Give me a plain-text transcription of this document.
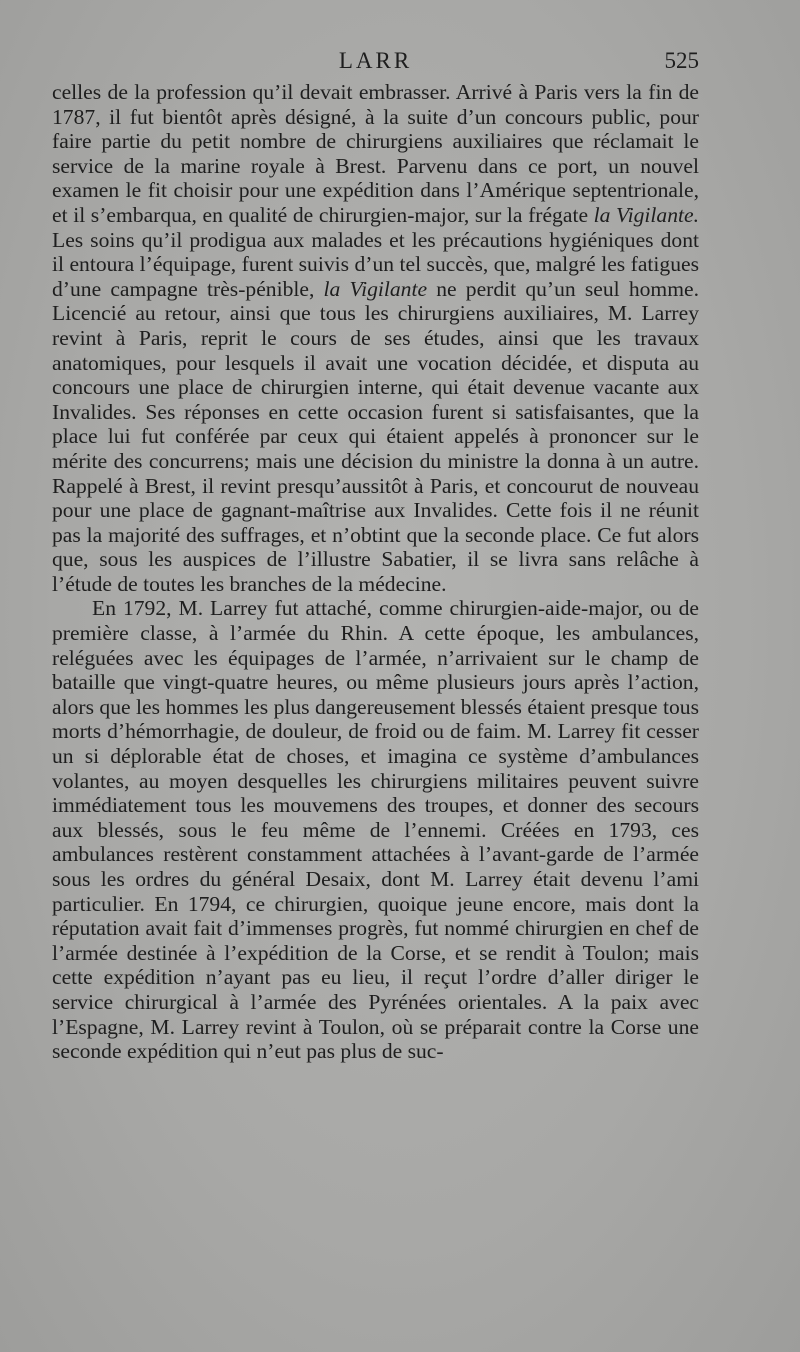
LARR	525

celles de la profession qu’il devait embrasser. Arrivé à Paris vers la fin de 1787, il fut bientôt après désigné, à la suite d’un concours public, pour faire partie du petit nombre de chirurgiens auxiliaires que réclamait le service de la marine royale à Brest. Parvenu dans ce port, un nouvel examen le fit choisir pour une expédition dans l’Amérique septentrionale, et il s’embarqua, en qualité de chirurgien-major, sur la frégate la Vigilante. Les soins qu’il prodigua aux malades et les précautions hygiéniques dont il entoura l’équipage, furent suivis d’un tel succès, que, malgré les fatigues d’une campagne très-pénible, la Vigilante ne perdit qu’un seul homme. Licencié au retour, ainsi que tous les chirurgiens auxiliaires, M. Larrey revint à Paris, reprit le cours de ses études, ainsi que les travaux anatomiques, pour lesquels il avait une vocation décidée, et disputa au concours une place de chirurgien interne, qui était devenue vacante aux Invalides. Ses réponses en cette occasion furent si satisfaisantes, que la place lui fut conférée par ceux qui étaient appelés à prononcer sur le mérite des concurrens; mais une décision du ministre la donna à un autre. Rappelé à Brest, il revint presqu’aussitôt à Paris, et concourut de nouveau pour une place de gagnant-maîtrise aux Invalides. Cette fois il ne réunit pas la majorité des suffrages, et n’obtint que la seconde place. Ce fut alors que, sous les auspices de l’illustre Sabatier, il se livra sans relâche à l’étude de toutes les branches de la médecine.

En 1792, M. Larrey fut attaché, comme chirurgien-aide-major, ou de première classe, à l’armée du Rhin. A cette époque, les ambulances, reléguées avec les équipages de l’armée, n’arrivaient sur le champ de bataille que vingt-quatre heures, ou même plusieurs jours après l’action, alors que les hommes les plus dangereusement blessés étaient presque tous morts d’hémorrhagie, de douleur, de froid ou de faim. M. Larrey fit cesser un si déplorable état de choses, et imagina ce système d’ambulances volantes, au moyen desquelles les chirurgiens militaires peuvent suivre immédiatement tous les mouvemens des troupes, et donner des secours aux blessés, sous le feu même de l’ennemi. Créées en 1793, ces ambulances restèrent constamment attachées à l’avant-garde de l’armée sous les ordres du général Desaix, dont M. Larrey était devenu l’ami particulier. En 1794, ce chirurgien, quoique jeune encore, mais dont la réputation avait fait d’immenses progrès, fut nommé chirurgien en chef de l’armée destinée à l’expédition de la Corse, et se rendit à Toulon; mais cette expédition n’ayant pas eu lieu, il reçut l’ordre d’aller diriger le service chirurgical à l’armée des Pyrénées orientales. A la paix avec l’Espagne, M. Larrey revint à Toulon, où se préparait contre la Corse une seconde expédition qui n’eut pas plus de suc-
